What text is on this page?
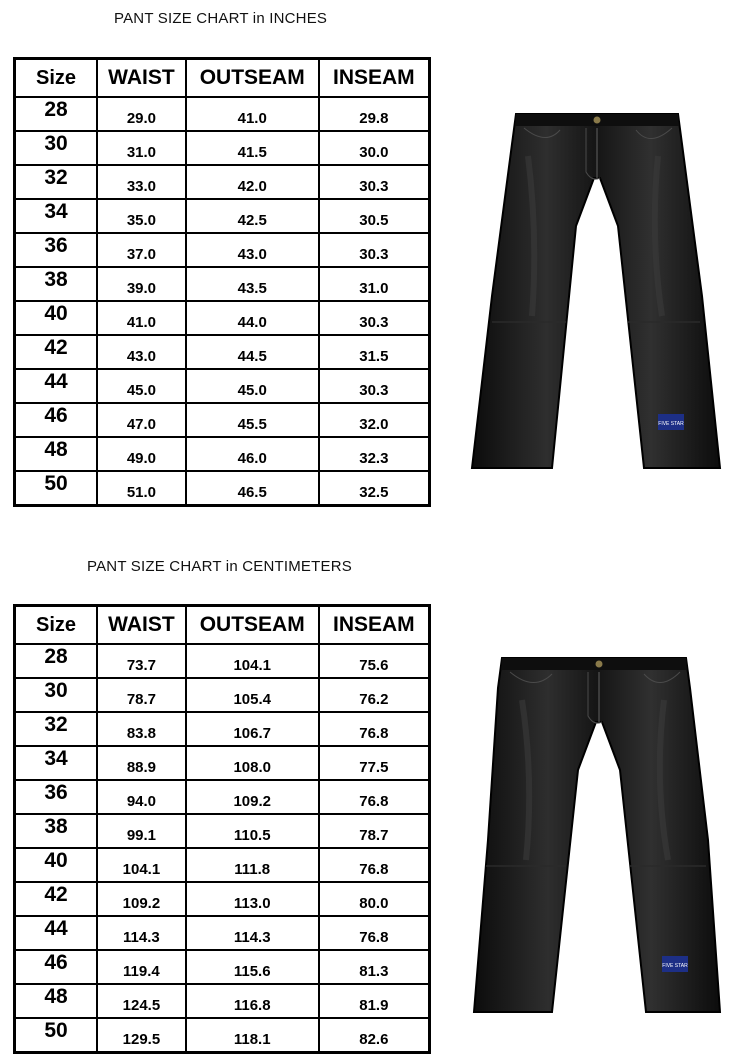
PANT SIZE CHART in INCHES
Size	WAIST	OUTSEAM	INSEAM
28	29.0	41.0	29.8
30	31.0	41.5	30.0
32	33.0	42.0	30.3
34	35.0	42.5	30.5
36	37.0	43.0	30.3
38	39.0	43.5	31.0
40	41.0	44.0	30.3
42	43.0	44.5	31.5
44	45.0	45.0	30.3
46	47.0	45.5	32.0
48	49.0	46.0	32.3
50	51.0	46.5	32.5
FIVE STAR
PANT SIZE CHART in CENTIMETERS
Size	WAIST	OUTSEAM	INSEAM
28	73.7	104.1	75.6
30	78.7	105.4	76.2
32	83.8	106.7	76.8
34	88.9	108.0	77.5
36	94.0	109.2	76.8
38	99.1	110.5	78.7
40	104.1	111.8	76.8
42	109.2	113.0	80.0
44	114.3	114.3	76.8
46	119.4	115.6	81.3
48	124.5	116.8	81.9
50	129.5	118.1	82.6
FIVE STAR
